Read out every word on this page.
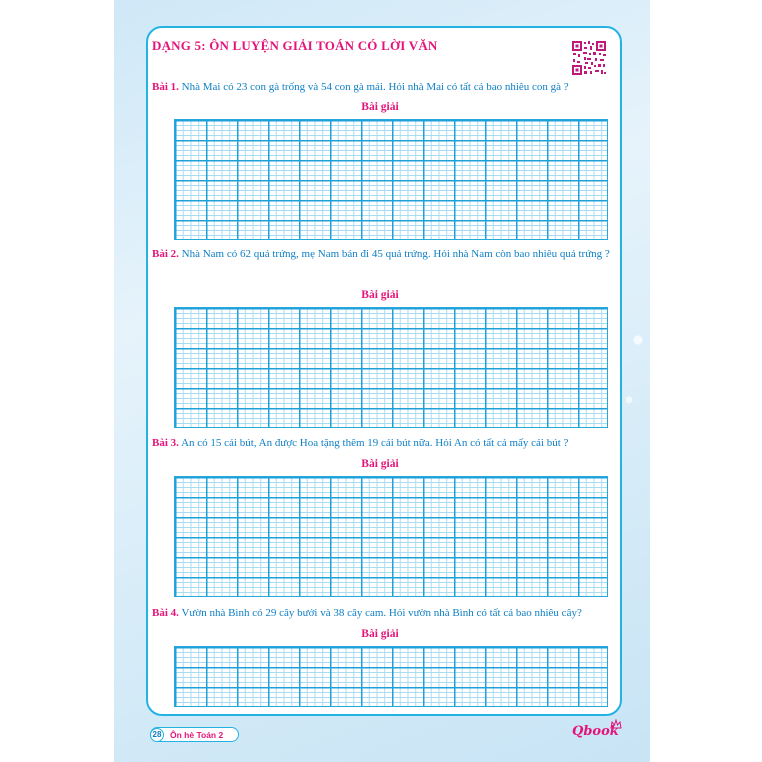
DẠNG 5: ÔN LUYỆN GIẢI TOÁN CÓ LỜI VĂN
Bài 1. Nhà Mai có 23 con gà trống và 54 con gà mái. Hỏi nhà Mai có tất cả bao nhiêu con gà ?
Bài giải
Bài 2. Nhà Nam có 62 quả trứng, mẹ Nam bán đi 45 quả trứng. Hỏi nhà Nam còn bao nhiêu quả trứng ?
Bài giải
Bài 3. An có 15 cái bút, An được Hoa tặng thêm 19 cái bút nữa. Hỏi An có tất cả mấy cái bút ?
Bài giải
Bài 4. Vườn nhà Bình có 29 cây bưởi và 38 cây cam. Hỏi vườn nhà Bình có tất cả bao nhiêu cây?
Bài giải
28 Ôn hè Toán 2	Qbook
